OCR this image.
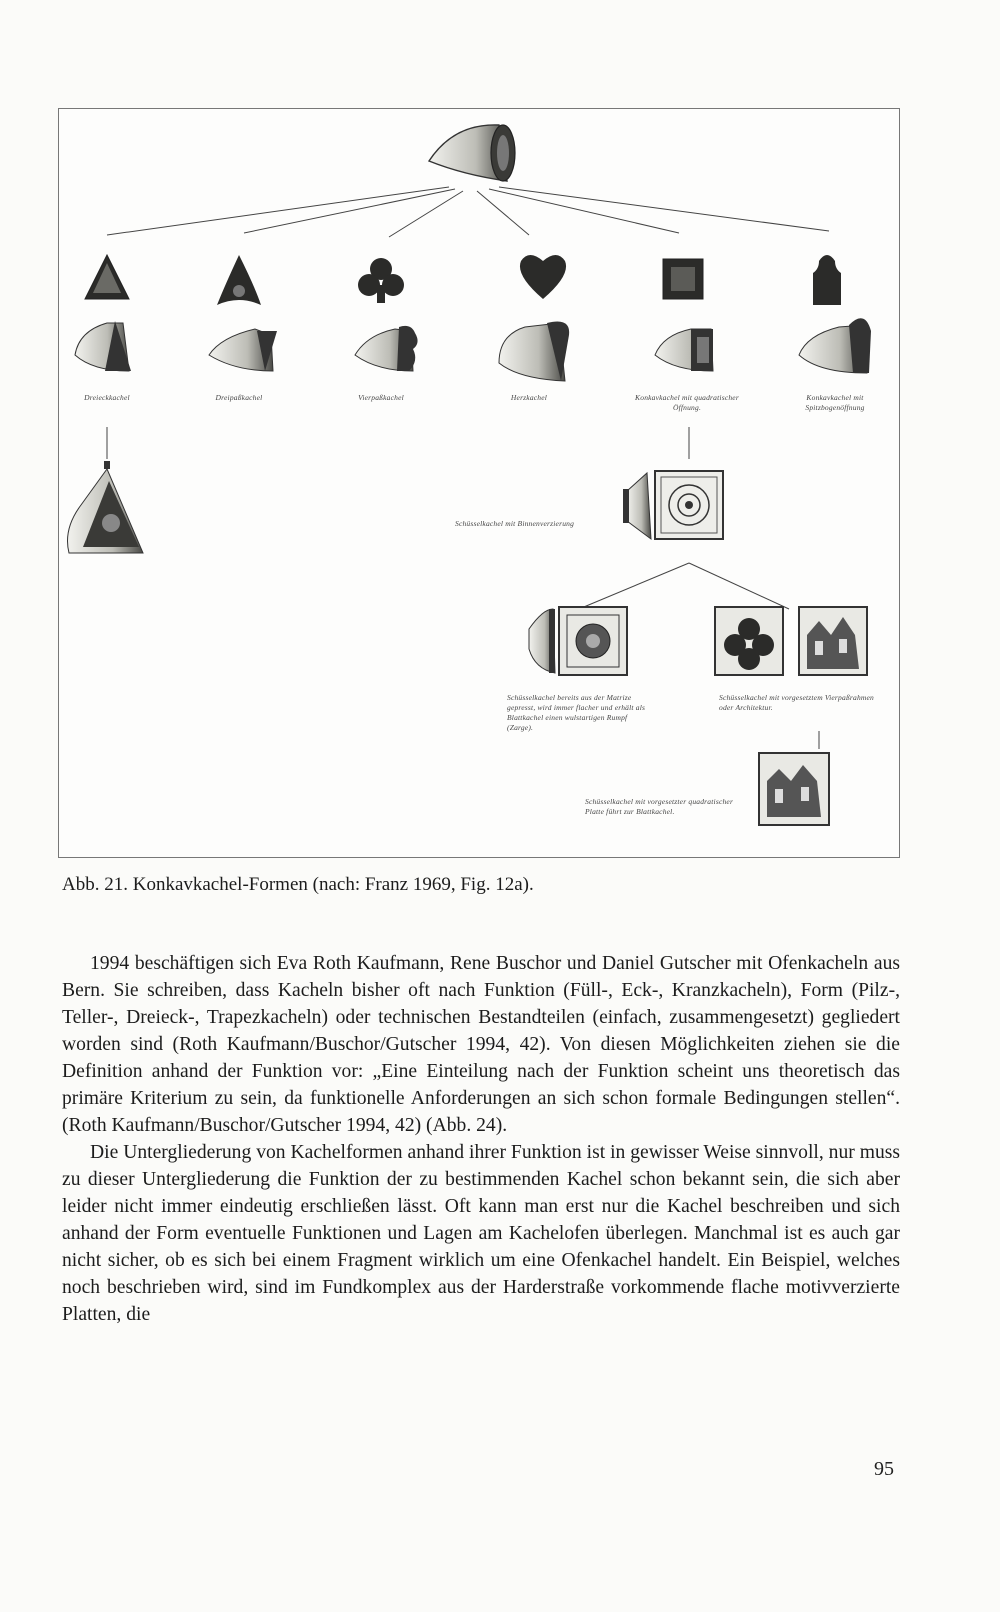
Dreieckkachel	Dreipaßkachel	Vierpaßkachel	Herzkachel	Konkavkachel mit quadratischer Öffnung.
Konkavkachel mit Spitzbogenöffnung
Schüsselkachel mit Binnenverzierung
Schüsselkachel bereits aus der Matrize gepresst, wird immer flacher und erhält als Blattkachel einen wulstartigen Rumpf (Zarge).
Schüsselkachel mit vorgesetztem Vierpaßrahmen oder Architektur.
Schüsselkachel mit vorgesetzter quadratischer Platte führt zur Blattkachel.
Abb. 21. Konkavkachel-Formen (nach: Franz 1969, Fig. 12a).

1994 beschäftigen sich Eva Roth Kaufmann, Rene Buschor und Daniel Gutscher mit Ofenkacheln aus Bern. Sie schreiben, dass Kacheln bisher oft nach Funktion (Füll-, Eck-, Kranzkacheln), Form (Pilz-, Teller-, Dreieck-, Trapezkacheln) oder technischen Bestandteilen (einfach, zusammengesetzt) gegliedert worden sind (Roth Kaufmann/Buschor/Gutscher 1994, 42). Von diesen Möglichkeiten ziehen sie die Definition anhand der Funktion vor: „Eine Einteilung nach der Funktion scheint uns theoretisch das primäre Kriterium zu sein, da funktionelle Anforderungen an sich schon formale Bedingungen stellen“. (Roth Kaufmann/Buschor/Gutscher 1994, 42) (Abb. 24).

Die Untergliederung von Kachelformen anhand ihrer Funktion ist in gewisser Weise sinnvoll, nur muss zu dieser Untergliederung die Funktion der zu bestimmenden Kachel schon bekannt sein, die sich aber leider nicht immer eindeutig erschließen lässt. Oft kann man erst nur die Kachel beschreiben und sich anhand der Form eventuelle Funktionen und Lagen am Kachelofen überlegen. Manchmal ist es auch gar nicht sicher, ob es sich bei einem Fragment wirklich um eine Ofenkachel handelt. Ein Beispiel, welches noch beschrieben wird, sind im Fundkomplex aus der Harderstraße vorkommende flache motivverzierte Platten, die

95
